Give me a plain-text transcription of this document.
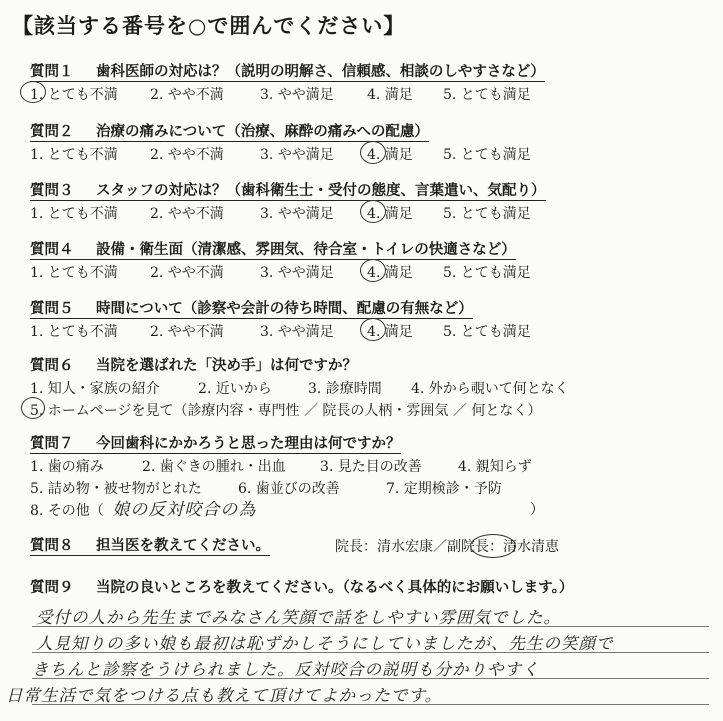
【該当する番号を○で囲んでください】
質問１ 歯科医師の対応は？（説明の明解さ、信頼感、相談のしやすさなど）
1. とても不満 2. やや不満	3. やや満足 4. 満足 5. とても満足
質問２ 治療の痛みについて（治療、麻酔の痛みへの配慮）
1. とても不満 2. やや不満	3. やや満足 4. 満足 5. とても満足
質問３ スタッフの対応は？（歯科衛生士・受付の態度、言葉遣い、気配り）
1. とても不満 2. やや不満	3. やや満足 4. 満足 5. とても満足
質問４ 設備・衛生面（清潔感、雰囲気、待合室・トイレの快適さなど）
1. とても不満 2. やや不満	3. やや満足 4. 満足 5. とても満足
質問５ 時間について（診察や会計の待ち時間、配慮の有無など）
1. とても不満 2. やや不満	3. やや満足 4. 満足 5. とても満足
質問６ 当院を選ばれた「決め手」は何ですか？
1. 知人・家族の紹介	2. 近いから	3. 診療時間 4. 外から覗いて何となく
5. ホームページを見て（診療内容・専門性 ／ 院長の人柄・雰囲気 ／ 何となく）
質問７ 今回歯科にかかろうと思った理由は何ですか？
1. 歯の痛み	2. 歯ぐきの腫れ・出血 3. 見た目の改善	4. 親知らず
5. 詰め物・被せ物がとれた	6. 歯並びの改善	7. 定期検診・予防
8. その他（ 娘の反対咬合の為	）
質問８ 担当医を教えてください。	院長：清水宏康／副院長：清水清恵
質問９ 当院の良いところを教えてください。（なるべく具体的にお願いします。）
受付の人から先生までみなさん笑顔で話をしやすい雰囲気でした。
人見知りの多い娘も最初は恥ずかしそうにしていましたが、先生の笑顔で
きちんと診察をうけられました。反対咬合の説明も分かりやすく
日常生活で気をつける点も教えて頂けてよかったです。
